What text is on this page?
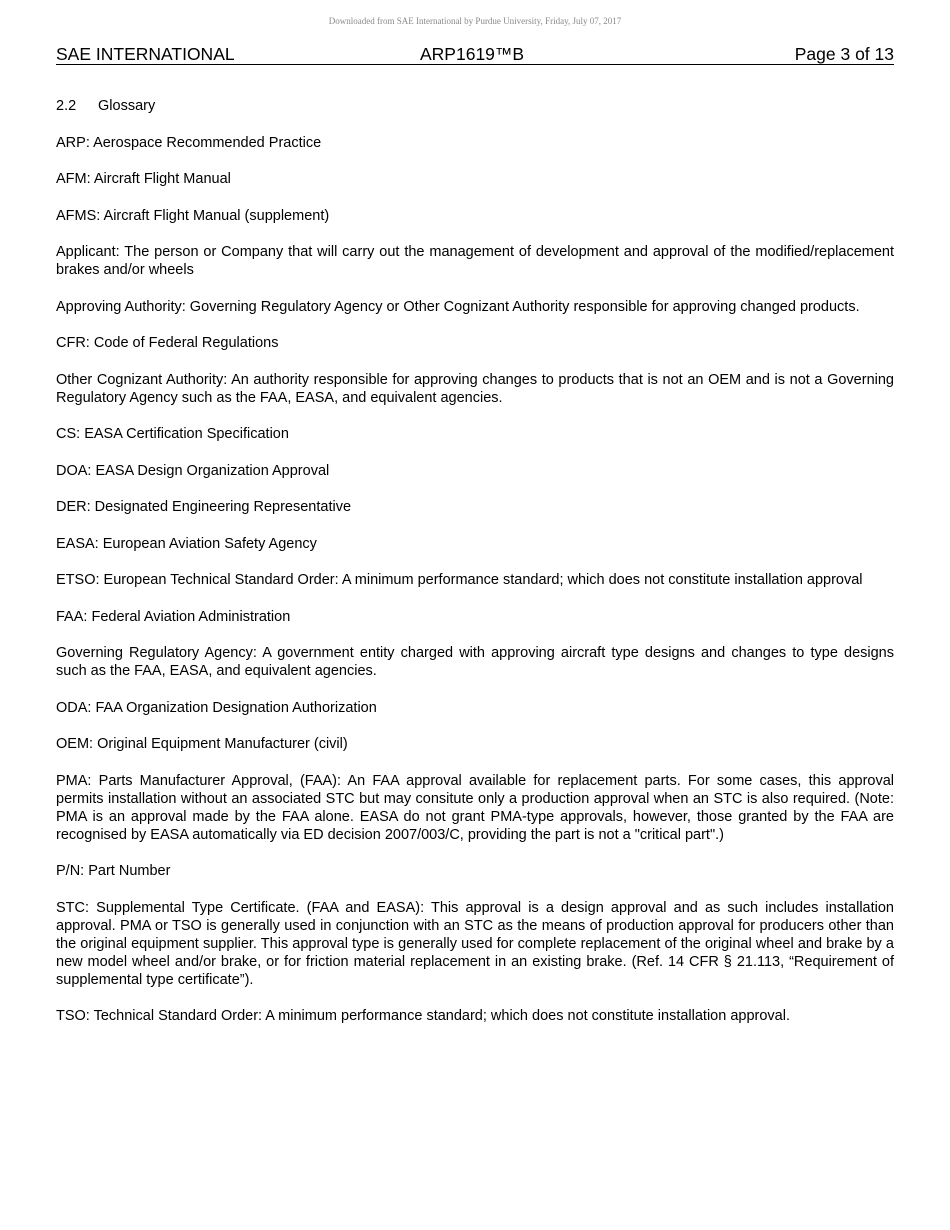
Downloaded from SAE International by Purdue University, Friday, July 07, 2017
SAE INTERNATIONAL	ARP1619™B	Page 3 of 13
2.2 Glossary

ARP: Aerospace Recommended Practice

AFM: Aircraft Flight Manual

AFMS: Aircraft Flight Manual (supplement)

Applicant: The person or Company that will carry out the management of development and approval of the modified/replacement brakes and/or wheels

Approving Authority: Governing Regulatory Agency or Other Cognizant Authority responsible for approving changed products.

CFR: Code of Federal Regulations

Other Cognizant Authority: An authority responsible for approving changes to products that is not an OEM and is not a Governing Regulatory Agency such as the FAA, EASA, and equivalent agencies.

CS: EASA Certification Specification

DOA: EASA Design Organization Approval

DER: Designated Engineering Representative

EASA: European Aviation Safety Agency

ETSO: European Technical Standard Order: A minimum performance standard; which does not constitute installation approval

FAA: Federal Aviation Administration

Governing Regulatory Agency: A government entity charged with approving aircraft type designs and changes to type designs such as the FAA, EASA, and equivalent agencies.

ODA: FAA Organization Designation Authorization

OEM: Original Equipment Manufacturer (civil)

PMA: Parts Manufacturer Approval, (FAA): An FAA approval available for replacement parts. For some cases, this approval permits installation without an associated STC but may consitute only a production approval when an STC is also required. (Note: PMA is an approval made by the FAA alone. EASA do not grant PMA-type approvals, however, those granted by the FAA are recognised by EASA automatically via ED decision 2007/003/C, providing the part is not a "critical part".)

P/N: Part Number

STC: Supplemental Type Certificate. (FAA and EASA): This approval is a design approval and as such includes installation approval. PMA or TSO is generally used in conjunction with an STC as the means of production approval for producers other than the original equipment supplier. This approval type is generally used for complete replacement of the original wheel and brake by a new model wheel and/or brake, or for friction material replacement in an existing brake. (Ref. 14 CFR § 21.113, “Requirement of supplemental type certificate”).

TSO: Technical Standard Order: A minimum performance standard; which does not constitute installation approval.
